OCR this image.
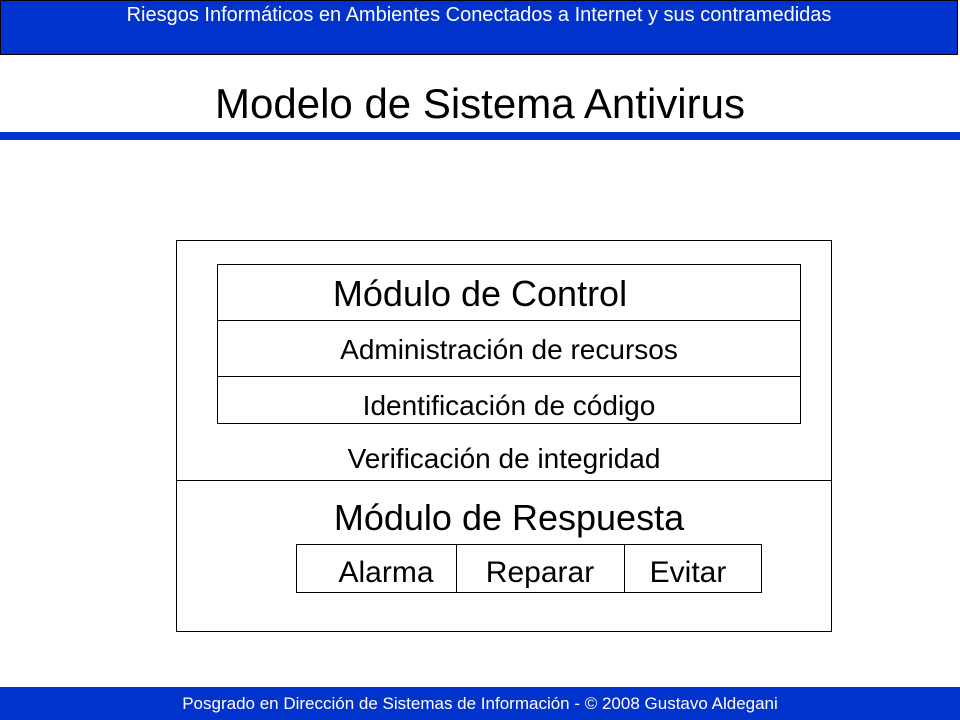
Riesgos Informáticos en Ambientes Conectados a Internet y sus contramedidas
Modelo de Sistema Antivirus
Módulo de Control
Administración de recursos
Identificación de código
Verificación de integridad
Módulo de Respuesta
Alarma	Reparar	Evitar
Posgrado en Dirección de Sistemas de Información - © 2008 Gustavo Aldegani
